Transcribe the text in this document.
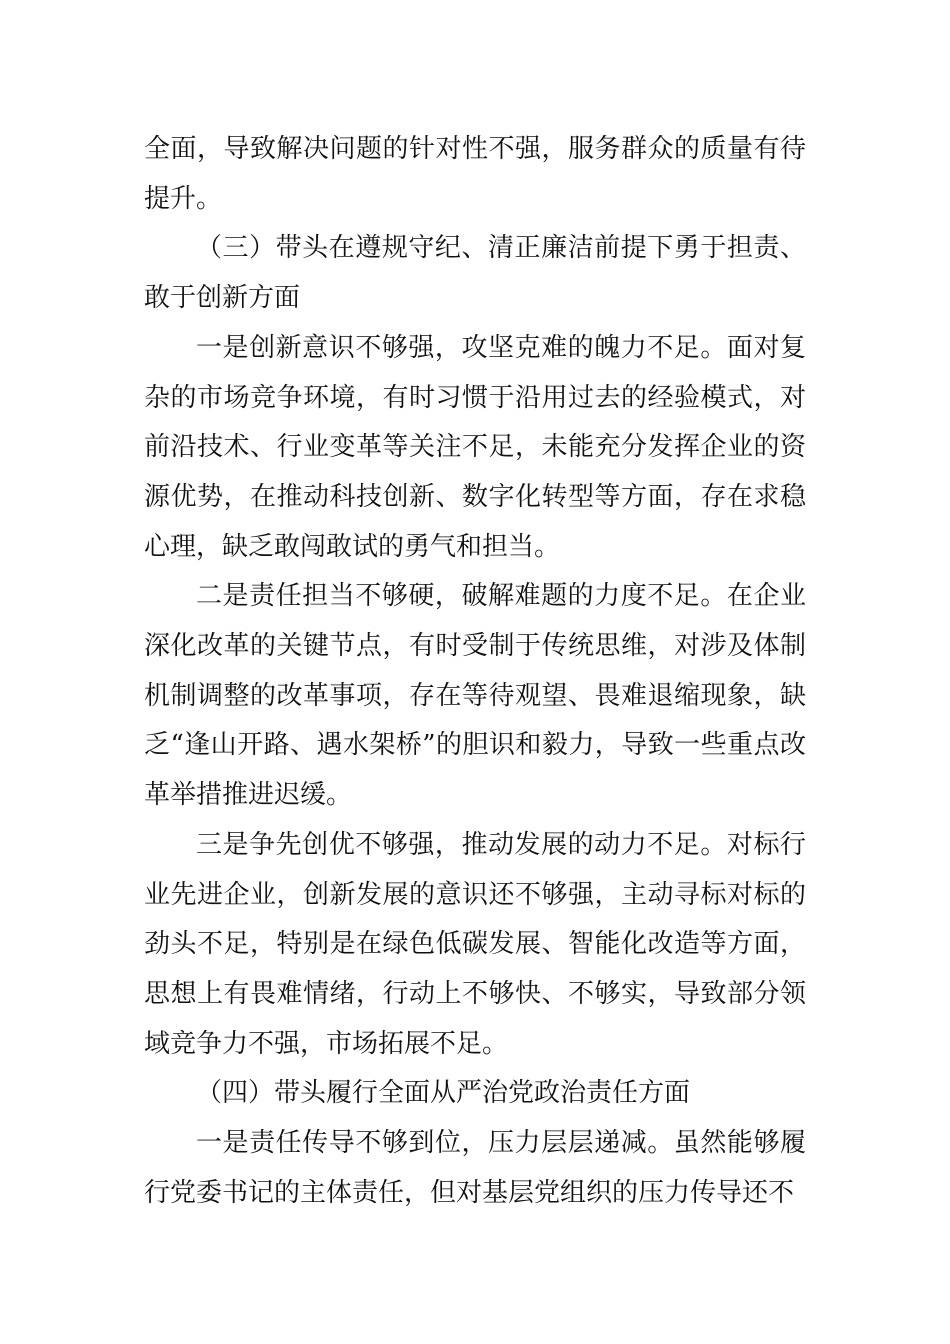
全面，导致解决问题的针对性不强，服务群众的质量有待提升。

（三）带头在遵规守纪、清正廉洁前提下勇于担责、敢于创新方面

一是创新意识不够强，攻坚克难的魄力不足。面对复杂的市场竞争环境，有时习惯于沿用过去的经验模式，对前沿技术、行业变革等关注不足，未能充分发挥企业的资源优势，在推动科技创新、数字化转型等方面，存在求稳心理，缺乏敢闯敢试的勇气和担当。

二是责任担当不够硬，破解难题的力度不足。在企业深化改革的关键节点，有时受制于传统思维，对涉及体制机制调整的改革事项，存在等待观望、畏难退缩现象，缺乏“逢山开路、遇水架桥”的胆识和毅力，导致一些重点改革举措推进迟缓。

三是争先创优不够强，推动发展的动力不足。对标行业先进企业，创新发展的意识还不够强，主动寻标对标的劲头不足，特别是在绿色低碳发展、智能化改造等方面，思想上有畏难情绪，行动上不够快、不够实，导致部分领域竞争力不强，市场拓展不足。

（四）带头履行全面从严治党政治责任方面

一是责任传导不够到位，压力层层递减。虽然能够履行党委书记的主体责任，但对基层党组织的压力传导还不
